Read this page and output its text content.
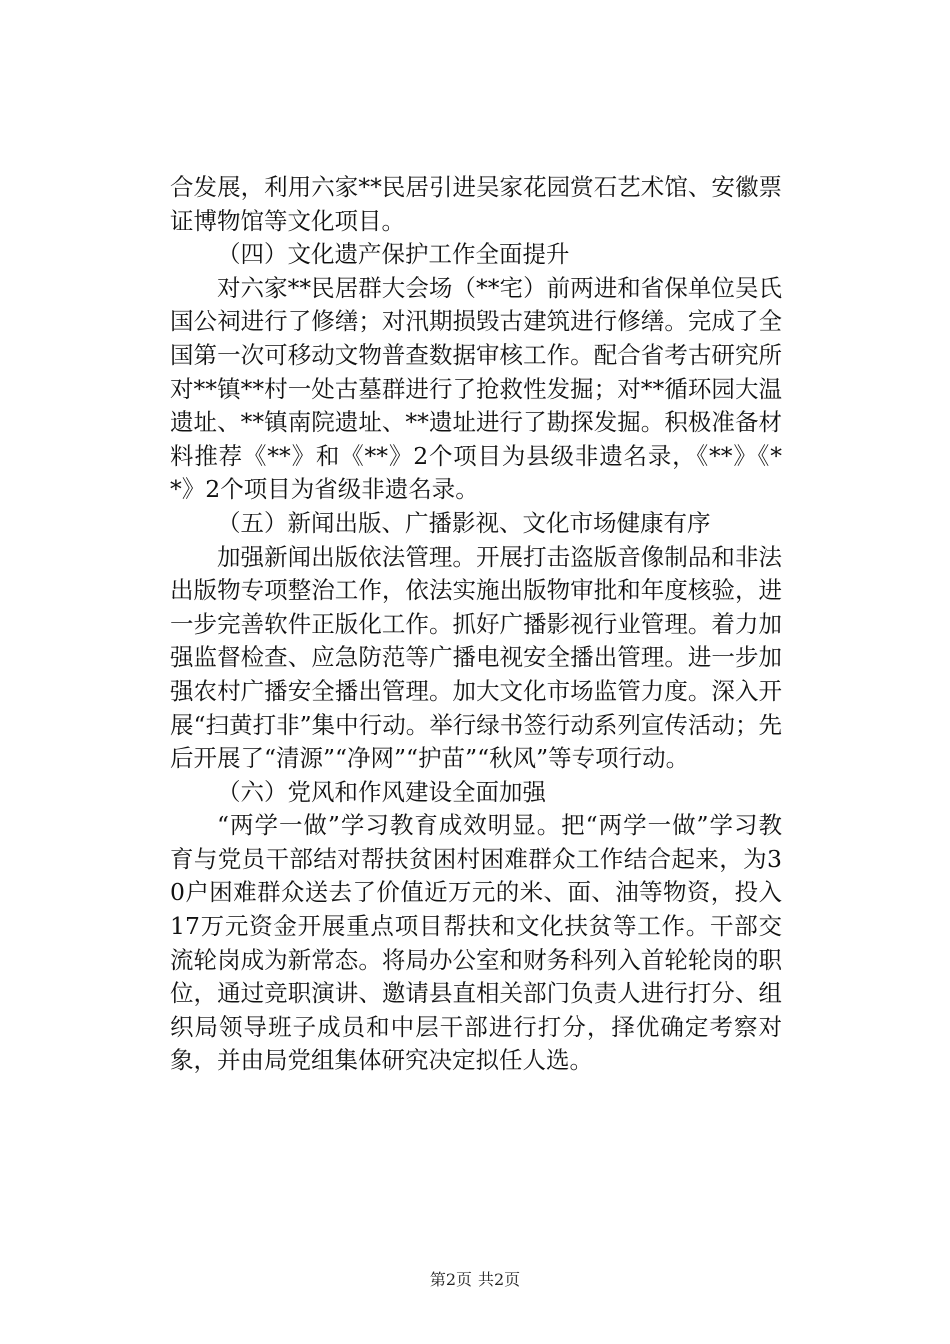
合发展，利用六家**民居引进吴家花园赏石艺术馆、安徽票证博物馆等文化项目。

（四）文化遗产保护工作全面提升

对六家**民居群大会场（**宅）前两进和省保单位吴氏国公祠进行了修缮；对汛期损毁古建筑进行修缮。完成了全国第一次可移动文物普查数据审核工作。配合省考古研究所对**镇**村一处古墓群进行了抢救性发掘；对**循环园大温遗址、**镇南院遗址、**遗址进行了勘探发掘。积极准备材料推荐《**》和《**》2个项目为县级非遗名录，《**》《**》2个项目为省级非遗名录。

（五）新闻出版、广播影视、文化市场健康有序

加强新闻出版依法管理。开展打击盗版音像制品和非法出版物专项整治工作，依法实施出版物审批和年度核验，进一步完善软件正版化工作。抓好广播影视行业管理。着力加强监督检查、应急防范等广播电视安全播出管理。进一步加强农村广播安全播出管理。加大文化市场监管力度。深入开展“扫黄打非”集中行动。举行绿书签行动系列宣传活动；先后开展了“清源”“净网”“护苗”“秋风”等专项行动。

（六）党风和作风建设全面加强

“两学一做”学习教育成效明显。把“两学一做”学习教育与党员干部结对帮扶贫困村困难群众工作结合起来，为30户困难群众送去了价值近万元的米、面、油等物资，投入17万元资金开展重点项目帮扶和文化扶贫等工作。干部交流轮岗成为新常态。将局办公室和财务科列入首轮轮岗的职位，通过竞职演讲、邀请县直相关部门负责人进行打分、组织局领导班子成员和中层干部进行打分，择优确定考察对象，并由局党组集体研究决定拟任人选。

第2页 共2页
